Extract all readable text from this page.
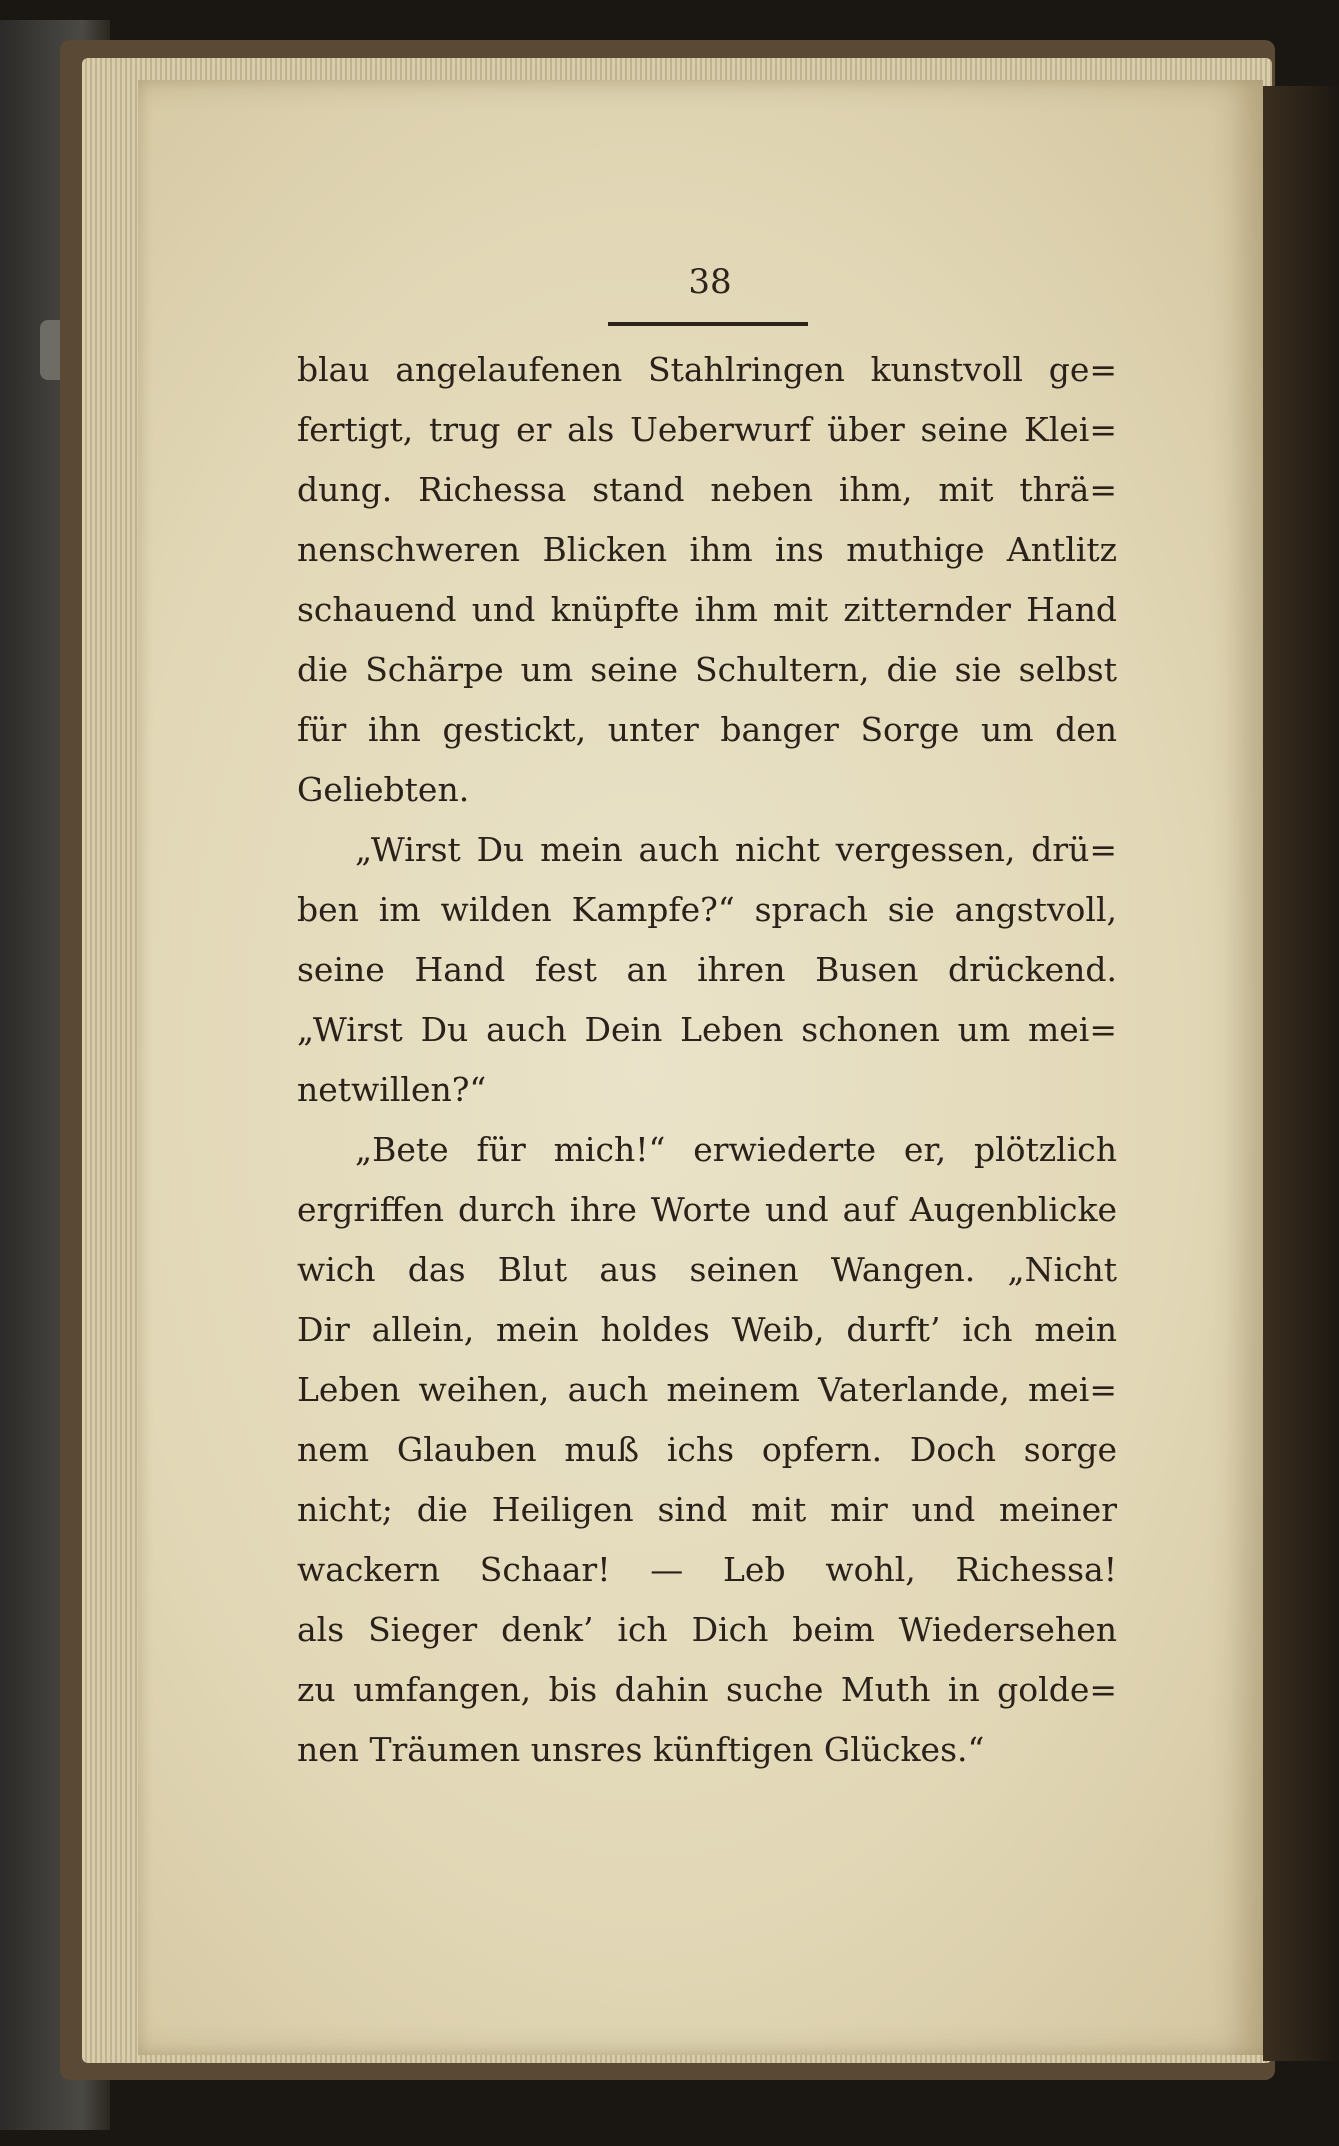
38
blau angelaufenen Stahlringen kunstvoll ge=
fertigt, trug er als Ueberwurf über seine Klei=
dung. Richessa stand neben ihm, mit thrä=
nenschweren Blicken ihm ins muthige Antlitz
schauend und knüpfte ihm mit zitternder Hand
die Schärpe um seine Schultern, die sie selbst
für ihn gestickt, unter banger Sorge um den
Geliebten.
„Wirst Du mein auch nicht vergessen, drü=
ben im wilden Kampfe?“ sprach sie angstvoll,
seine Hand fest an ihren Busen drückend.
„Wirst Du auch Dein Leben schonen um mei=
netwillen?“
„Bete für mich!“ erwiederte er, plötzlich
ergriffen durch ihre Worte und auf Augenblicke
wich das Blut aus seinen Wangen. „Nicht
Dir allein, mein holdes Weib, durft’ ich mein
Leben weihen, auch meinem Vaterlande, mei=
nem Glauben muß ichs opfern. Doch sorge
nicht; die Heiligen sind mit mir und meiner
wackern Schaar! — Leb wohl, Richessa!
als Sieger denk’ ich Dich beim Wiedersehen
zu umfangen, bis dahin suche Muth in golde=
nen Träumen unsres künftigen Glückes.“
